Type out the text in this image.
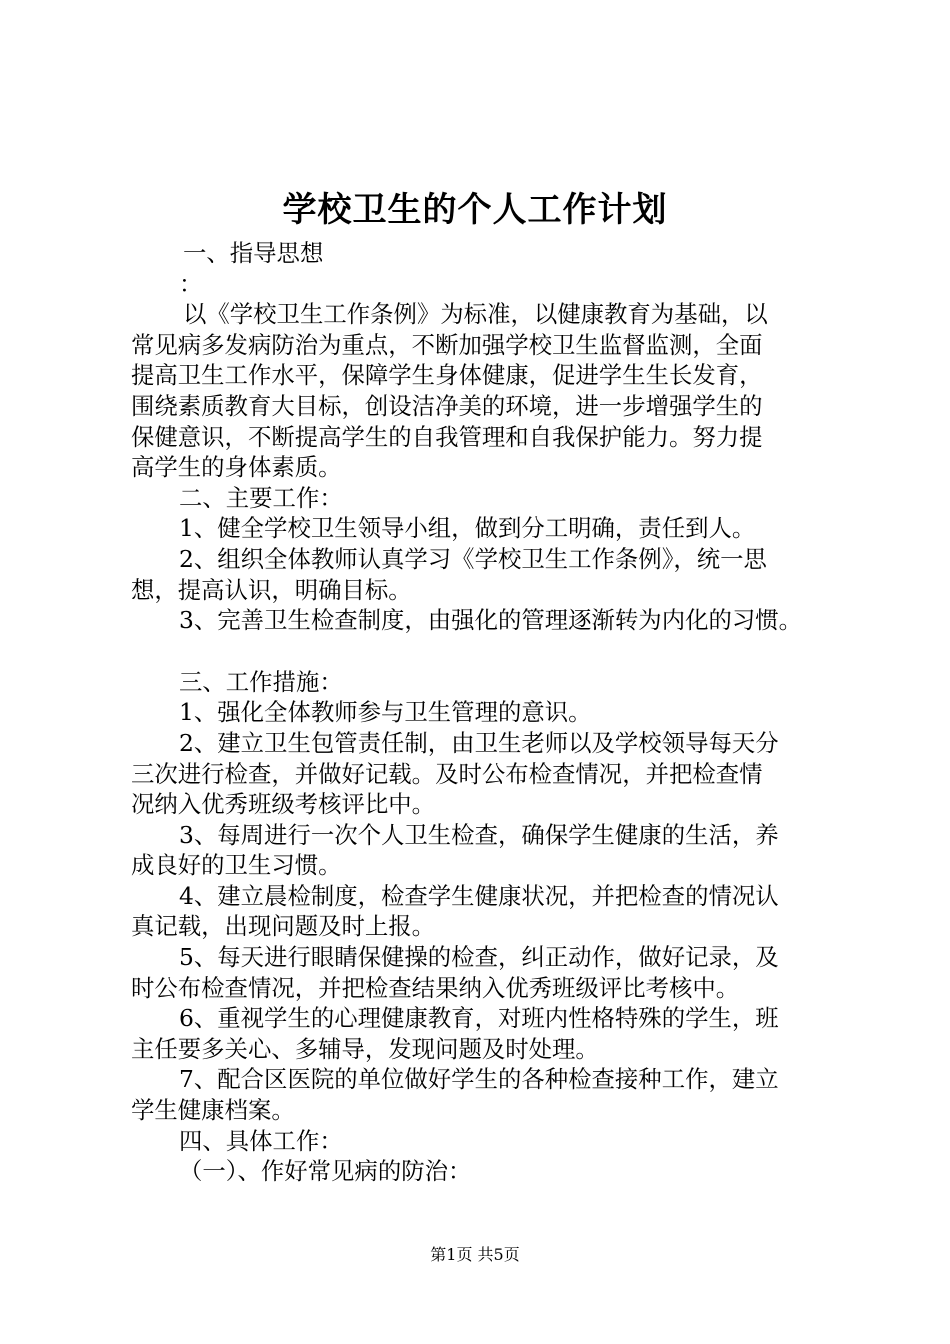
学校卫生的个人工作计划
一、指导思想
：
以《学校卫生工作条例》为标准，以健康教育为基础，以
常见病多发病防治为重点，不断加强学校卫生监督监测，全面
提高卫生工作水平，保障学生身体健康，促进学生生长发育，
围绕素质教育大目标，创设洁净美的环境，进一步增强学生的
保健意识，不断提高学生的自我管理和自我保护能力。努力提
高学生的身体素质。
二、主要工作：
1、健全学校卫生领导小组，做到分工明确，责任到人。
2、组织全体教师认真学习《学校卫生工作条例》，统一思
想，提高认识，明确目标。
3、完善卫生检查制度，由强化的管理逐渐转为内化的习惯。
三、工作措施：
1、强化全体教师参与卫生管理的意识。
2、建立卫生包管责任制，由卫生老师以及学校领导每天分
三次进行检查，并做好记载。及时公布检查情况，并把检查情
况纳入优秀班级考核评比中。
3、每周进行一次个人卫生检查，确保学生健康的生活，养
成良好的卫生习惯。
4、建立晨检制度，检查学生健康状况，并把检查的情况认
真记载，出现问题及时上报。
5、每天进行眼睛保健操的检查，纠正动作，做好记录，及
时公布检查情况，并把检查结果纳入优秀班级评比考核中。
6、重视学生的心理健康教育，对班内性格特殊的学生，班
主任要多关心、多辅导，发现问题及时处理。
7、配合区医院的单位做好学生的各种检查接种工作，建立
学生健康档案。
四、具体工作：
（一）、作好常见病的防治：
第1页 共5页
